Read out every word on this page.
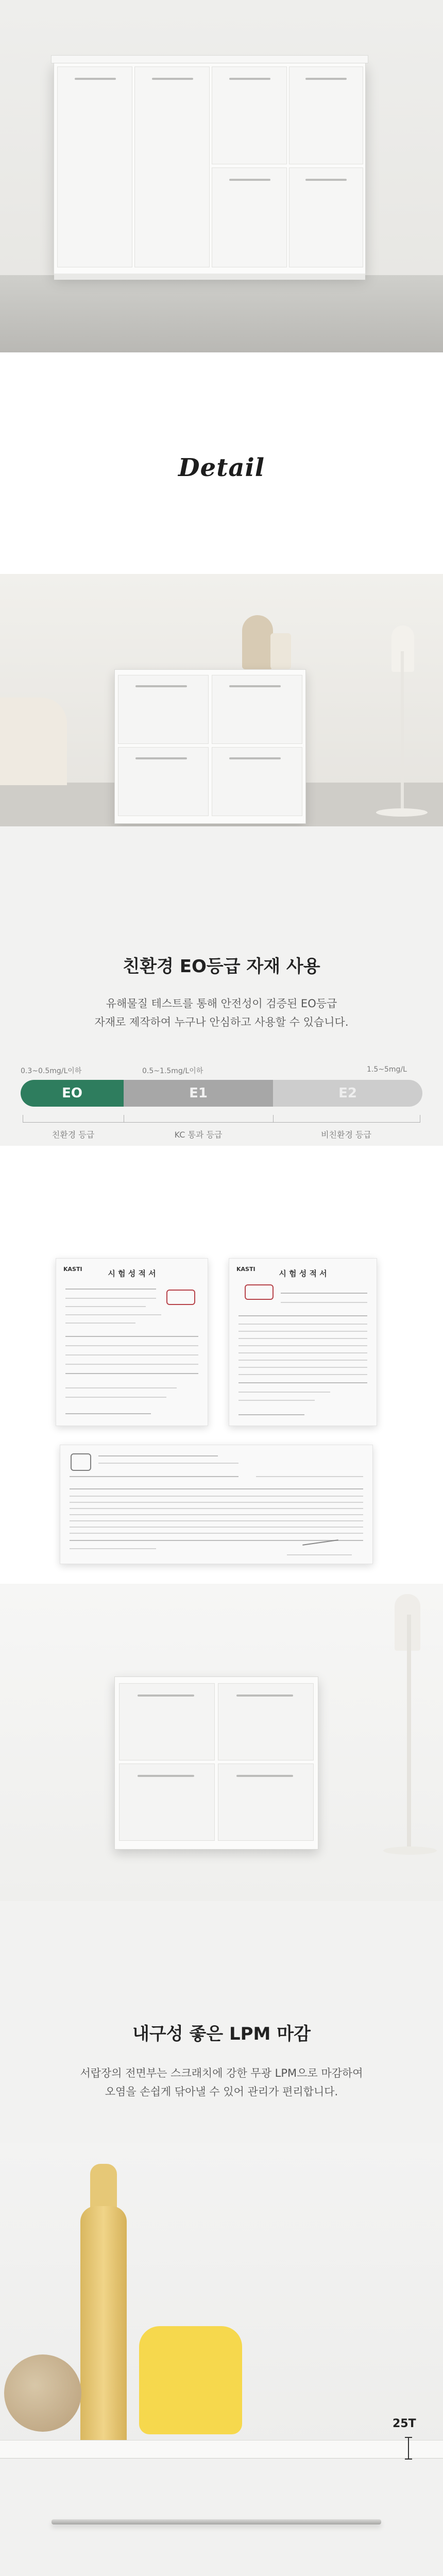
Detail
친환경 EO등급 자재 사용
유해물질 테스트를 통해 안전성이 검증된 EO등급
자재로 제작하여 누구나 안심하고 사용할 수 있습니다.
0.3~0.5mg/L이하	0.5~1.5mg/L이하	1.5~5mg/L
EO	E1	E2
친환경 등급	KC 통과 등급	비친환경 등급
KASTI	시 험 성 적 서	KASTI	시 험 성 적 서
내구성 좋은 LPM 마감
서랍장의 전면부는 스크래치에 강한 무광 LPM으로 마감하여
오염을 손쉽게 닦아낼 수 있어 관리가 편리합니다.
25T
